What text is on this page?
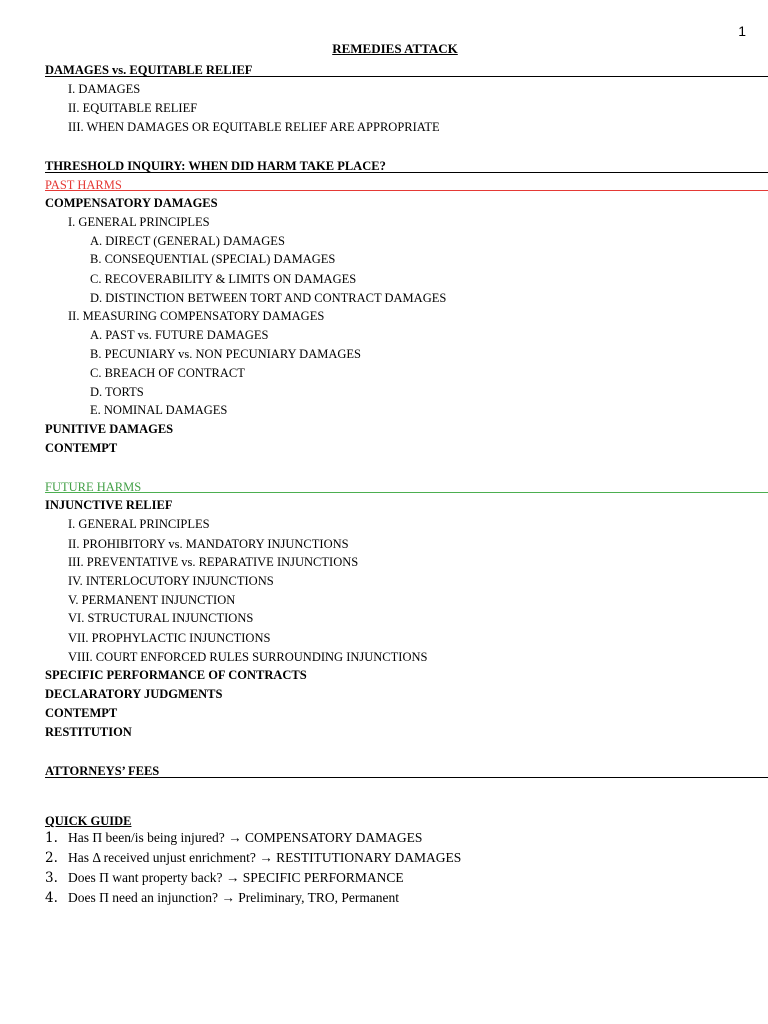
1
REMEDIES ATTACK
DAMAGES vs. EQUITABLE RELIEF
I. DAMAGES
II. EQUITABLE RELIEF
III. WHEN DAMAGES OR EQUITABLE RELIEF ARE APPROPRIATE
THRESHOLD INQUIRY: WHEN DID HARM TAKE PLACE?
PAST HARMS
COMPENSATORY DAMAGES
I. GENERAL PRINCIPLES
A. DIRECT (GENERAL) DAMAGES
B. CONSEQUENTIAL (SPECIAL) DAMAGES
C. RECOVERABILITY & LIMITS ON DAMAGES
D. DISTINCTION BETWEEN TORT AND CONTRACT DAMAGES
II. MEASURING COMPENSATORY DAMAGES
A. PAST vs. FUTURE DAMAGES
B. PECUNIARY vs. NON PECUNIARY DAMAGES
C. BREACH OF CONTRACT
D. TORTS
E. NOMINAL DAMAGES
PUNITIVE DAMAGES
CONTEMPT
FUTURE HARMS
INJUNCTIVE RELIEF
I. GENERAL PRINCIPLES
II. PROHIBITORY vs. MANDATORY INJUNCTIONS
III. PREVENTATIVE vs. REPARATIVE INJUNCTIONS
IV. INTERLOCUTORY INJUNCTIONS
V. PERMANENT INJUNCTION
VI. STRUCTURAL INJUNCTIONS
VII. PROPHYLACTIC INJUNCTIONS
VIII. COURT ENFORCED RULES SURROUNDING INJUNCTIONS
SPECIFIC PERFORMANCE OF CONTRACTS
DECLARATORY JUDGMENTS
CONTEMPT
RESTITUTION
ATTORNEYS’ FEES
QUICK GUIDE
1. Has Π been/is being injured? → COMPENSATORY DAMAGES
2. Has Δ received unjust enrichment? → RESTITUTIONARY DAMAGES
3. Does Π want property back? → SPECIFIC PERFORMANCE
4. Does Π need an injunction? → Preliminary, TRO, Permanent
